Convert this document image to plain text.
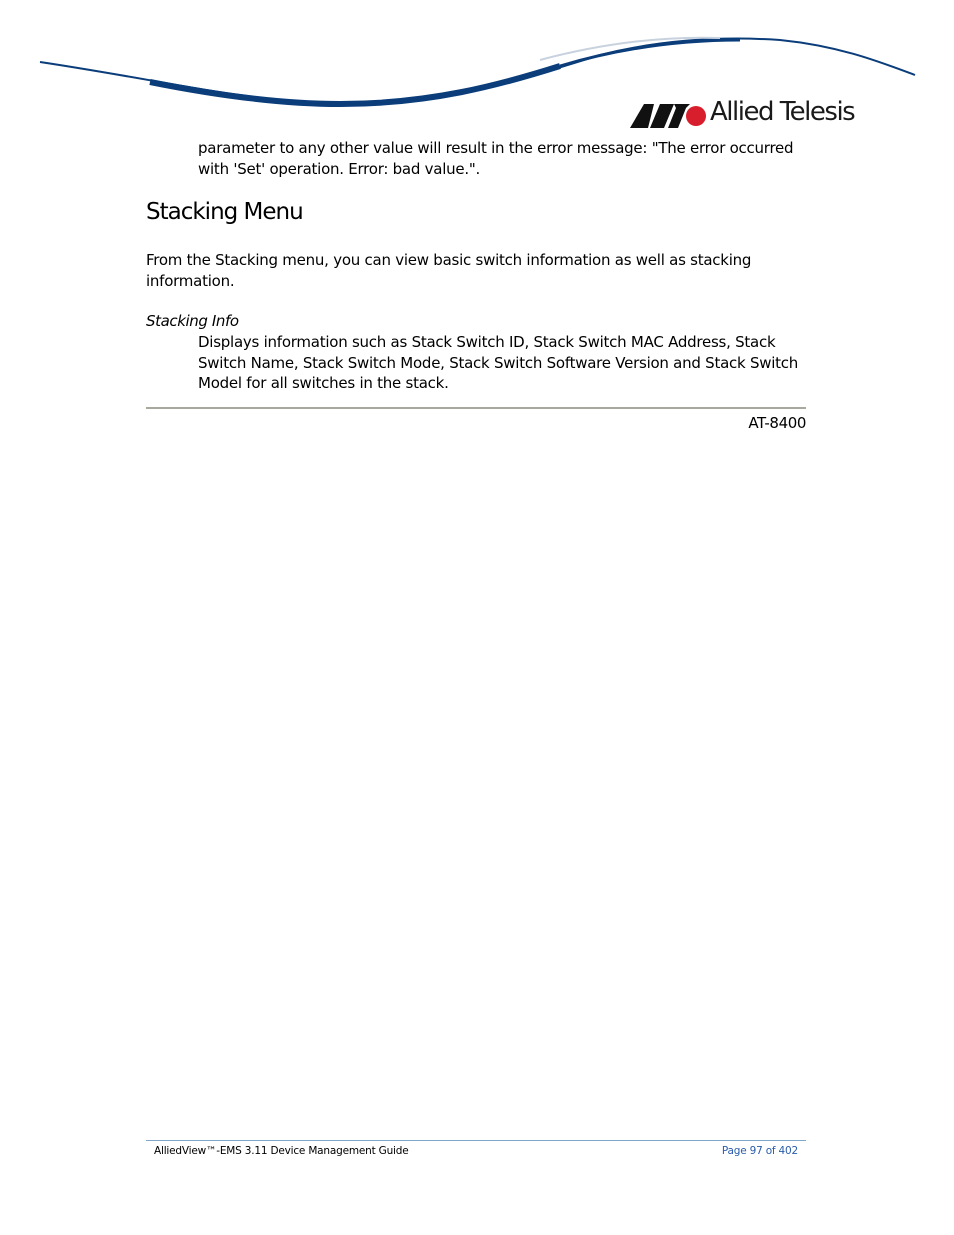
Allied Telesis
parameter to any other value will result in the error message: "The error occurred with 'Set' operation. Error: bad value.".
Stacking Menu
From the Stacking menu, you can view basic switch information as well as stacking information.
Stacking Info
Displays information such as Stack Switch ID, Stack Switch MAC Address, Stack Switch Name, Stack Switch Mode, Stack Switch Software Version and Stack Switch Model for all switches in the stack.
AT-8400
AlliedView™-EMS 3.11 Device Management Guide	Page 97 of 402
